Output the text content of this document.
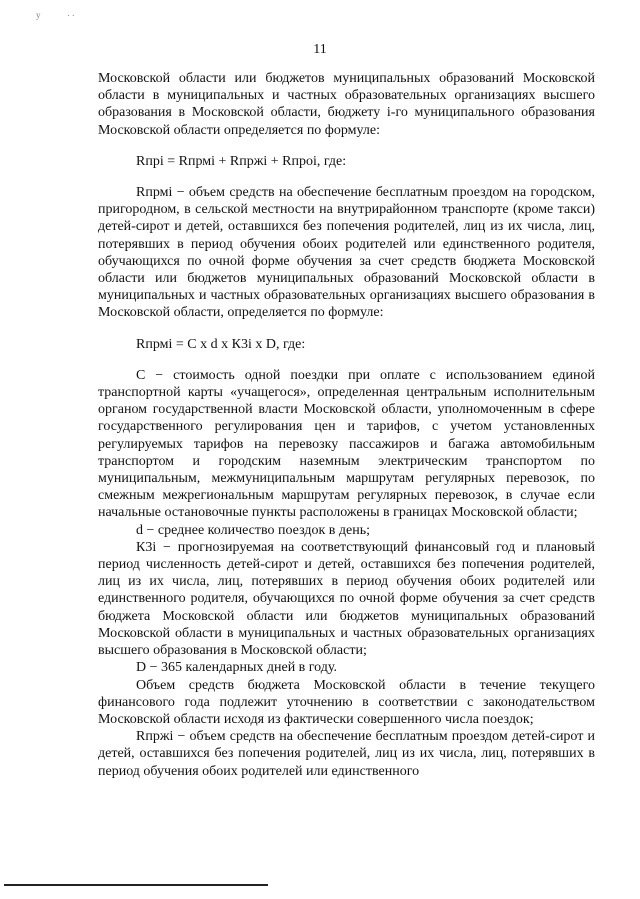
у	۰۰
11

Московской области или бюджетов муниципальных образований Московской области в муниципальных и частных образовательных организациях высшего образования в Московской области, бюджету i-го муниципального образования Московской области определяется по формуле:

Rпрi = Rпрмi + Rпржi + Rпроi, где:

Rпрмi − объем средств на обеспечение бесплатным проездом на городском, пригородном, в сельской местности на внутрирайонном транспорте (кроме такси) детей-сирот и детей, оставшихся без попечения родителей, лиц из их числа, лиц, потерявших в период обучения обоих родителей или единственного родителя, обучающихся по очной форме обучения за счет средств бюджета Московской области или бюджетов муниципальных образований Московской области в муниципальных и частных образовательных организациях высшего образования в Московской области, определяется по формуле:

Rпрмi = С x d x К3i x D, где:

С − стоимость одной поездки при оплате с использованием единой транспортной карты «учащегося», определенная центральным исполнительным органом государственной власти Московской области, уполномоченным в сфере государственного регулирования цен и тарифов, с учетом установленных регулируемых тарифов на перевозку пассажиров и багажа автомобильным транспортом и городским наземным электрическим транспортом по муниципальным, межмуниципальным маршрутам регулярных перевозок, по смежным межрегиональным маршрутам регулярных перевозок, в случае если начальные остановочные пункты расположены в границах Московской области;

d − среднее количество поездок в день;

К3i − прогнозируемая на соответствующий финансовый год и плановый период численность детей-сирот и детей, оставшихся без попечения родителей, лиц из их числа, лиц, потерявших в период обучения обоих родителей или единственного родителя, обучающихся по очной форме обучения за счет средств бюджета Московской области или бюджетов муниципальных образований Московской области в муниципальных и частных образовательных организациях высшего образования в Московской области;

D − 365 календарных дней в году.

Объем средств бюджета Московской области в течение текущего финансового года подлежит уточнению в соответствии с законодательством Московской области исходя из фактически совершенного числа поездок;

Rпржi − объем средств на обеспечение бесплатным проездом детей-сирот и детей, оставшихся без попечения родителей, лиц из их числа, лиц, потерявших в период обучения обоих родителей или единственного
